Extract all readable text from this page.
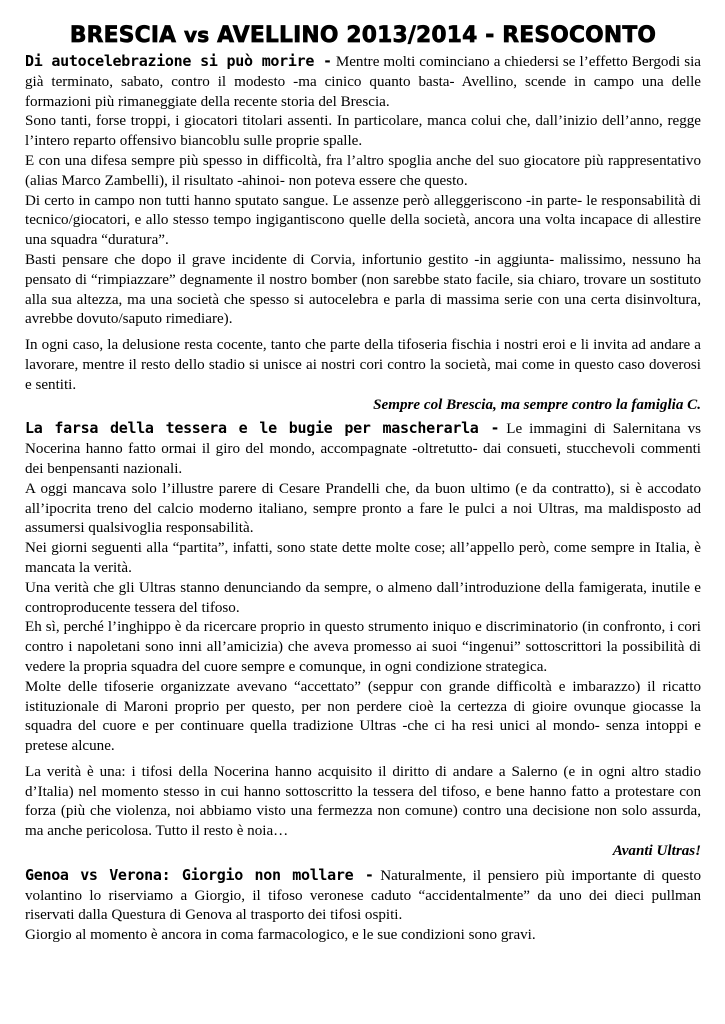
BRESCIA vs AVELLINO 2013/2014 - RESOCONTO

Di autocelebrazione si può morire - Mentre molti cominciano a chiedersi se l’effetto Bergodi sia già terminato, sabato, contro il modesto -ma cinico quanto basta- Avellino, scende in campo una delle formazioni più rimaneggiate della recente storia del Brescia.

Sono tanti, forse troppi, i giocatori titolari assenti. In particolare, manca colui che, dall’inizio dell’anno, regge l’intero reparto offensivo biancoblu sulle proprie spalle.

E con una difesa sempre più spesso in difficoltà, fra l’altro spoglia anche del suo giocatore più rappresentativo (alias Marco Zambelli), il risultato -ahinoi- non poteva essere che questo.

Di certo in campo non tutti hanno sputato sangue. Le assenze però alleggeriscono -in parte- le responsabilità di tecnico/giocatori, e allo stesso tempo ingigantiscono quelle della società, ancora una volta incapace di allestire una squadra “duratura”.

Basti pensare che dopo il grave incidente di Corvia, infortunio gestito -in aggiunta- malissimo, nessuno ha pensato di “rimpiazzare” degnamente il nostro bomber (non sarebbe stato facile, sia chiaro, trovare un sostituto alla sua altezza, ma una società che spesso si autocelebra e parla di massima serie con una certa disinvoltura, avrebbe dovuto/saputo rimediare).

In ogni caso, la delusione resta cocente, tanto che parte della tifoseria fischia i nostri eroi e li invita ad andare a lavorare, mentre il resto dello stadio si unisce ai nostri cori contro la società, mai come in questo caso doverosi e sentiti.

Sempre col Brescia, ma sempre contro la famiglia C.

La farsa della tessera e le bugie per mascherarla - Le immagini di Salernitana vs Nocerina hanno fatto ormai il giro del mondo, accompagnate -oltretutto- dai consueti, stucchevoli commenti dei benpensanti nazionali.

A oggi mancava solo l’illustre parere di Cesare Prandelli che, da buon ultimo (e da contratto), si è accodato all’ipocrita treno del calcio moderno italiano, sempre pronto a fare le pulci a noi Ultras, ma maldisposto ad assumersi qualsivoglia responsabilità.

Nei giorni seguenti alla “partita”, infatti, sono state dette molte cose; all’appello però, come sempre in Italia, è mancata la verità.

Una verità che gli Ultras stanno denunciando da sempre, o almeno dall’introduzione della famigerata, inutile e controproducente tessera del tifoso.

Eh sì, perché l’inghippo è da ricercare proprio in questo strumento iniquo e discriminatorio (in confronto, i cori contro i napoletani sono inni all’amicizia) che aveva promesso ai suoi “ingenui” sottoscrittori la possibilità di vedere la propria squadra del cuore sempre e comunque, in ogni condizione strategica.

Molte delle tifoserie organizzate avevano “accettato” (seppur con grande difficoltà e imbarazzo) il ricatto istituzionale di Maroni proprio per questo, per non perdere cioè la certezza di gioire ovunque giocasse la squadra del cuore e per continuare quella tradizione Ultras -che ci ha resi unici al mondo- senza intoppi e pretese alcune.

La verità è una: i tifosi della Nocerina hanno acquisito il diritto di andare a Salerno (e in ogni altro stadio d’Italia) nel momento stesso in cui hanno sottoscritto la tessera del tifoso, e bene hanno fatto a protestare con forza (più che violenza, noi abbiamo visto una fermezza non comune) contro una decisione non solo assurda, ma anche pericolosa. Tutto il resto è noia…

Avanti Ultras!

Genoa vs Verona: Giorgio non mollare - Naturalmente, il pensiero più importante di questo volantino lo riserviamo a Giorgio, il tifoso veronese caduto “accidentalmente” da uno dei dieci pullman riservati dalla Questura di Genova al trasporto dei tifosi ospiti.

Giorgio al momento è ancora in coma farmacologico, e le sue condizioni sono gravi.
